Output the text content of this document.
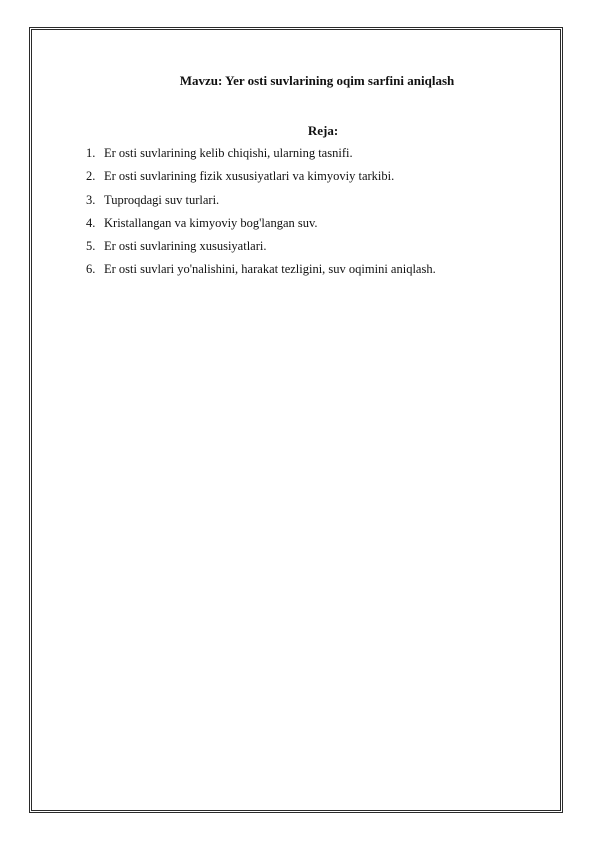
Mavzu: Yer osti suvlarining oqim sarfini aniqlash
Reja:
1. Er osti suvlarining kelib chiqishi, ularning tasnifi.
2. Er osti suvlarining fizik xususiyatlari va kimyoviy tarkibi.
3. Tuproqdagi suv turlari.
4. Kristallangan va kimyoviy bog'langan suv.
5. Er osti suvlarining xususiyatlari.
6. Er osti suvlari yo'nalishini, harakat tezligini, suv oqimini aniqlash.
